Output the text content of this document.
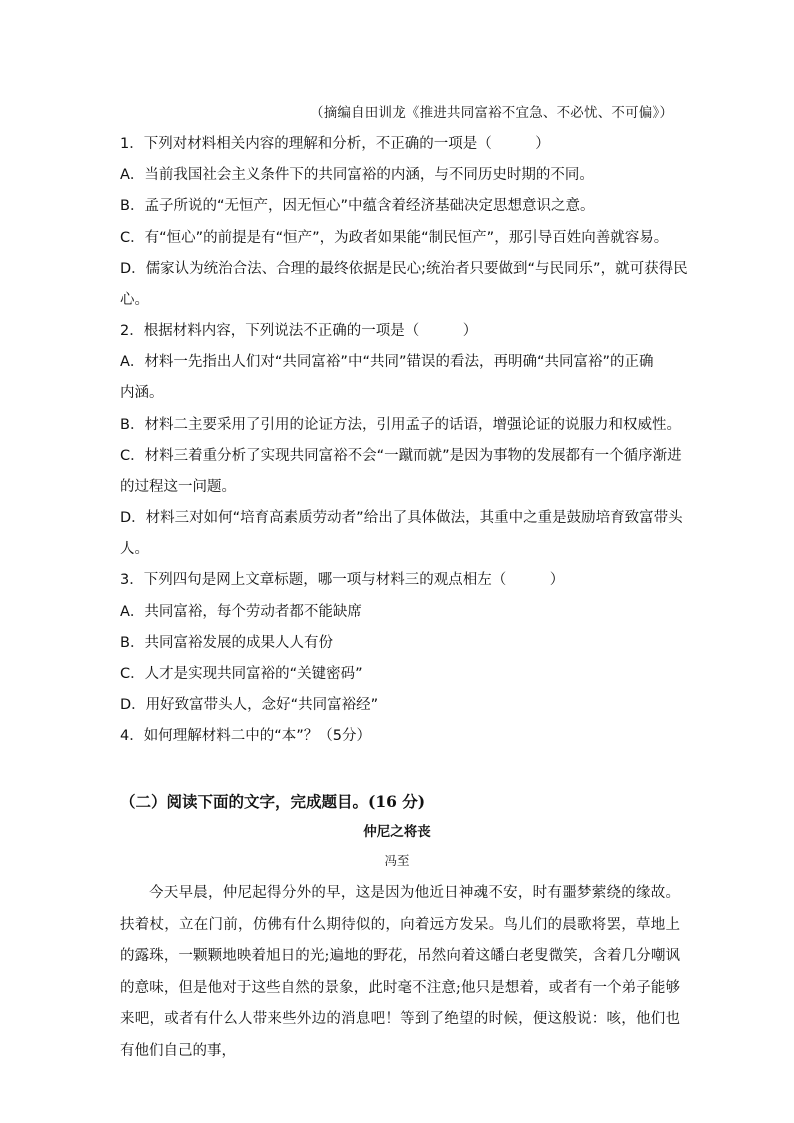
（摘编自田训龙《推进共同富裕不宜急、不必忧、不可偏》）
1．下列对材料相关内容的理解和分析，不正确的一项是（　　　）
A．当前我国社会主义条件下的共同富裕的内涵，与不同历史时期的不同。
B．孟子所说的“无恒产，因无恒心”中蕴含着经济基础决定思想意识之意。
C．有“恒心”的前提是有“恒产”，为政者如果能“制民恒产”，那引导百姓向善就容易。
D．儒家认为统治合法、合理的最终依据是民心;统治者只要做到“与民同乐”，就可获得民
心。
2．根据材料内容，下列说法不正确的一项是（　　　）
A．材料一先指出人们对“共同富裕”中“共同”错误的看法，再明确“共同富裕”的正确
内涵。
B．材料二主要采用了引用的论证方法，引用孟子的话语，增强论证的说服力和权威性。
C．材料三着重分析了实现共同富裕不会“一蹴而就”是因为事物的发展都有一个循序渐进
的过程这一问题。
D．材料三对如何“培育高素质劳动者”给出了具体做法，其重中之重是鼓励培育致富带头
人。
3．下列四句是网上文章标题，哪一项与材料三的观点相左（　　　）
A．共同富裕，每个劳动者都不能缺席
B．共同富裕发展的成果人人有份
C．人才是实现共同富裕的“关键密码”
D．用好致富带头人，念好“共同富裕经”
4．如何理解材料二中的“本”？（5分）
（二）阅读下面的文字，完成题目。(16 分)
仲尼之将丧
冯至

今天早晨，仲尼起得分外的早，这是因为他近日神魂不安，时有噩梦萦绕的缘故。扶着杖，立在门前，仿佛有什么期待似的，向着远方发呆。鸟儿们的晨歌将罢，草地上的露珠，一颗颗地映着旭日的光;遍地的野花，吊然向着这皤白老叟微笑，含着几分嘲讽的意味，但是他对于这些自然的景象，此时毫不注意;他只是想着，或者有一个弟子能够来吧，或者有什么人带来些外边的消息吧！等到了绝望的时候，便这般说：咳，他们也有他们自己的事，
